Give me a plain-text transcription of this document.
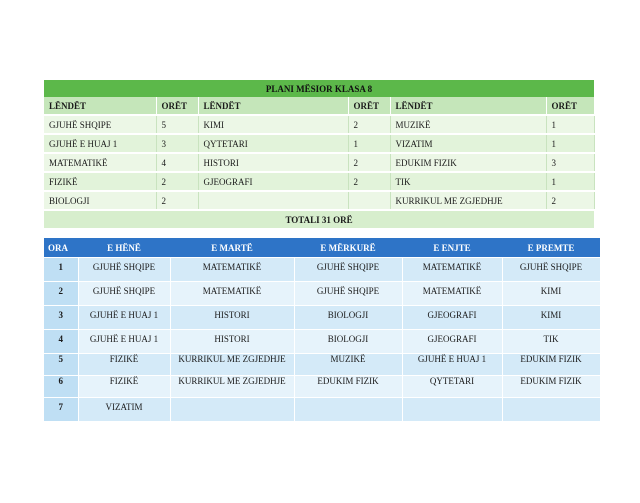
PLANI MËSIOR KLASA 8					
LËNDËT	ORËT	LËNDËT	ORËT	LËNDËT	ORËT
GJUHË SHQIPE	5	KIMI	2	MUZIKË	1
GJUHË E HUAJ 1	3	QYTETARI	1	VIZATIM	1
MATEMATIKË	4	HISTORI	2	EDUKIM FIZIK	3
FIZIKË	2	GJEOGRAFI	2	TIK	1
BIOLOGJI	2			KURRIKUL ME ZGJEDHJE	2
TOTALI 31 ORË					
ORA	E HËNË	E MARTË	E MËRKURË	E ENJTE	E PREMTE
1	GJUHË SHQIPE	MATEMATIKË	GJUHË SHQIPE	MATEMATIKË	GJUHË SHQIPE
2	GJUHË SHQIPE	MATEMATIKË	GJUHË SHQIPE	MATEMATIKË	KIMI
3	GJUHË E HUAJ 1	HISTORI	BIOLOGJI	GJEOGRAFI	KIMI
4	GJUHË E HUAJ 1	HISTORI	BIOLOGJI	GJEOGRAFI	TIK
5	FIZIKË	KURRIKUL ME ZGJEDHJE	MUZIKË	GJUHË E HUAJ 1	EDUKIM FIZIK
6	FIZIKË	KURRIKUL ME ZGJEDHJE	EDUKIM FIZIK	QYTETARI	EDUKIM FIZIK
7	VIZATIM				
